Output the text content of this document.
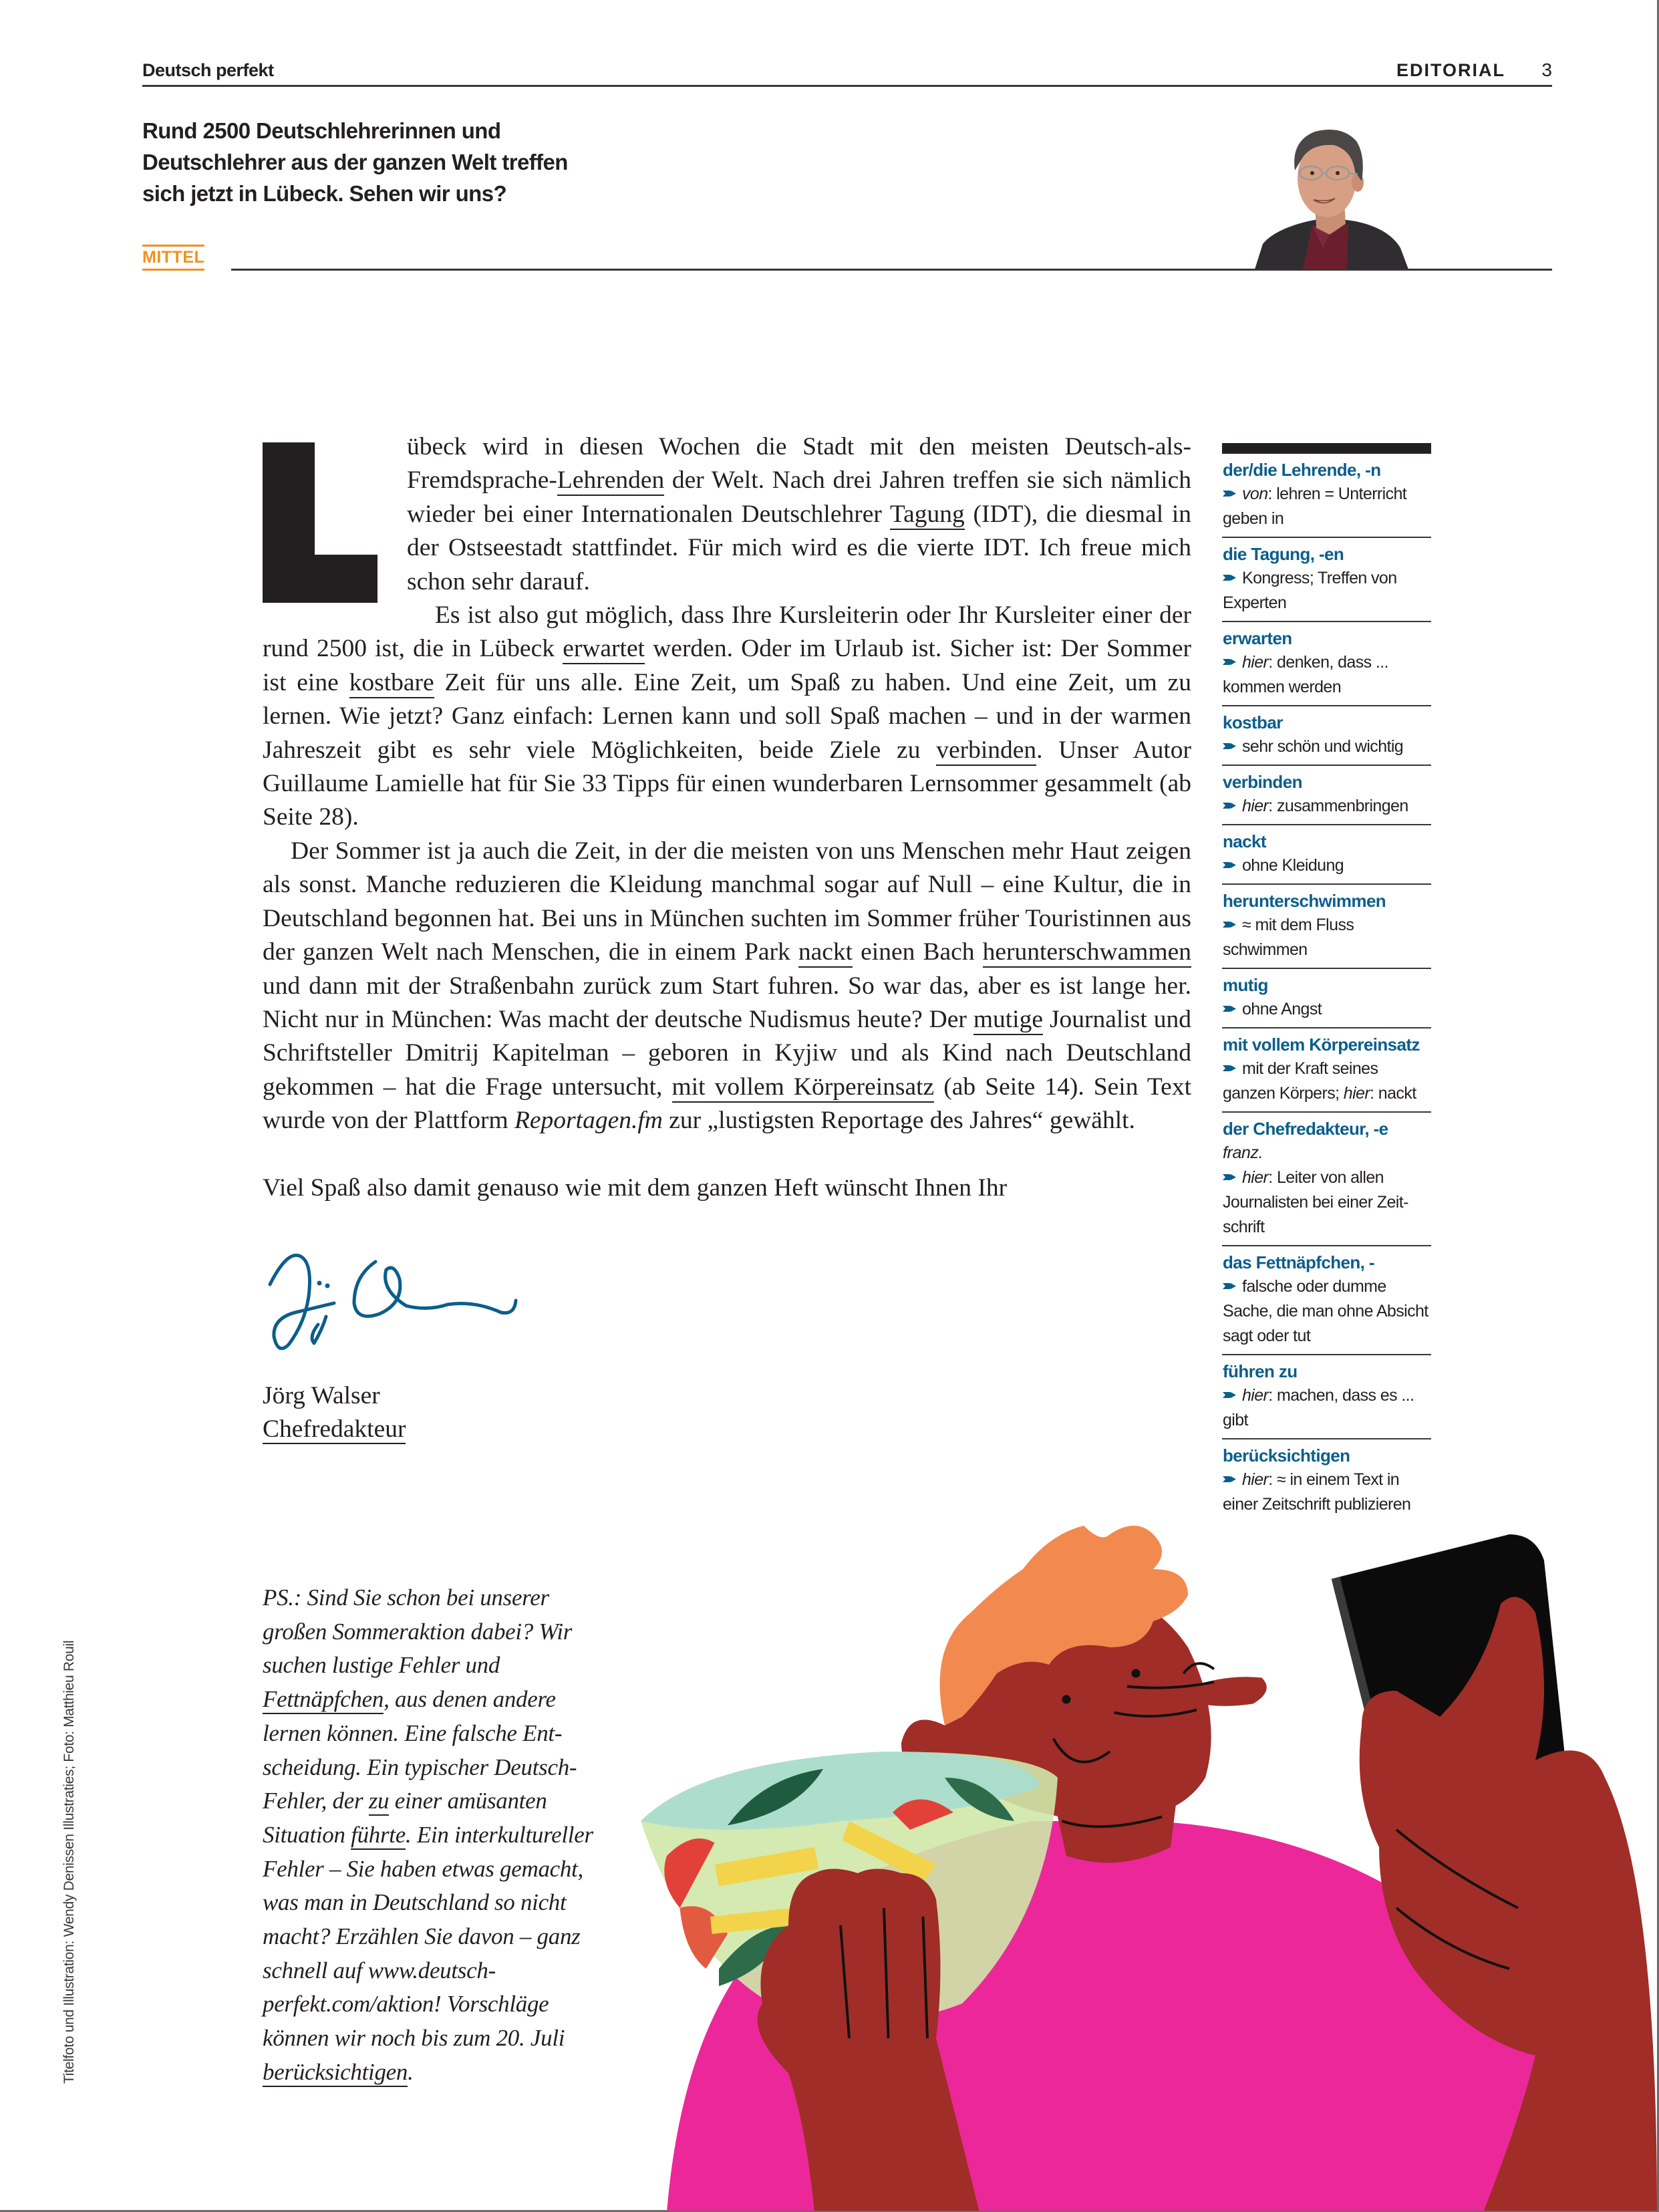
Deutsch perfekt	EDITORIAL 3
Rund 2500 Deutschlehrerinnen und
Deutschlehrer aus der ganzen Welt treffen
sich jetzt in Lübeck. Sehen wir uns?
MITTEL

übeck wird in diesen Wochen die Stadt mit den meisten Deutsch-als-Fremdsprache-Lehrenden der Welt. Nach drei Jahren treffen sie sich nämlich wieder bei einer Internationalen Deutschlehrer Tagung (IDT), die diesmal in der Ostseestadt stattfindet. Für mich wird es die vierte IDT. Ich freue mich schon sehr darauf.

Es ist also gut möglich, dass Ihre Kursleiterin oder Ihr Kursleiter einer der rund 2500 ist, die in Lübeck erwartet werden. Oder im Urlaub ist. Sicher ist: Der Sommer ist eine kostbare Zeit für uns alle. Eine Zeit, um Spaß zu haben. Und eine Zeit, um zu lernen. Wie jetzt? Ganz einfach: Lernen kann und soll Spaß machen – und in der warmen Jahreszeit gibt es sehr viele Möglichkeiten, beide Ziele zu verbinden. Unser Autor Guillaume Lamielle hat für Sie 33 Tipps für einen wunderbaren Lernsommer gesammelt (ab Seite 28).

Der Sommer ist ja auch die Zeit, in der die meisten von uns Menschen mehr Haut zeigen als sonst. Manche reduzieren die Kleidung manchmal sogar auf Null – eine Kultur, die in Deutschland begonnen hat. Bei uns in München suchten im Sommer früher Touristinnen aus der ganzen Welt nach Menschen, die in einem Park nackt einen Bach herunterschwammen und dann mit der Straßenbahn zurück zum Start fuhren. So war das, aber es ist lange her. Nicht nur in München: Was macht der deutsche Nudismus heute? Der mutige Journalist und Schriftsteller Dmitrij Kapitelman – geboren in Kyjiw und als Kind nach Deutschland gekommen – hat die Frage untersucht, mit vollem Körpereinsatz (ab Seite 14). Sein Text wurde von der Plattform Reportagen.fm zur „lustigsten Reportage des Jahres“ gewählt.

Viel Spaß also damit genauso wie mit dem ganzen Heft wünscht Ihnen Ihr

Jörg Walser
Chefredakteur
der/die Lehrende, -n
von: lehren = Unterricht geben in
die Tagung, -en
Kongress; Treffen von Experten
erwarten
hier: denken, dass ... kommen werden
kostbar
sehr schön und wichtig
verbinden
hier: zusammenbringen
nackt
ohne Kleidung
herunterschwimmen
≈ mit dem Fluss schwimmen
mutig
ohne Angst
mit vollem Körpereinsatz
mit der Kraft seines ganzen Körpers; hier: nackt
der Chefredakteur, -e
franz.
hier: Leiter von allen Journalisten bei einer Zeitschrift
das Fettnäpfchen, -
falsche oder dumme Sache, die man ohne Absicht sagt oder tut
führen zu
hier: machen, dass es ... gibt
berücksichtigen
hier: ≈ in einem Text in einer Zeitschrift publizieren
PS.: Sind Sie schon bei unserer großen Sommeraktion dabei? Wir suchen lustige Fehler und Fettnäpfchen, aus denen andere lernen können. Eine falsche Entscheidung. Ein typischer Deutsch-Fehler, der zu einer amüsanten Situation führte. Ein interkultureller Fehler – Sie haben etwas gemacht, was man in Deutschland so nicht macht? Erzählen Sie davon – ganz schnell auf www.deutsch-perfekt.com/aktion! Vorschläge können wir noch bis zum 20. Juli berücksichtigen.
Titelfoto und Illustration: Wendy Denissen Illustraties; Foto: Matthieu Rouil
